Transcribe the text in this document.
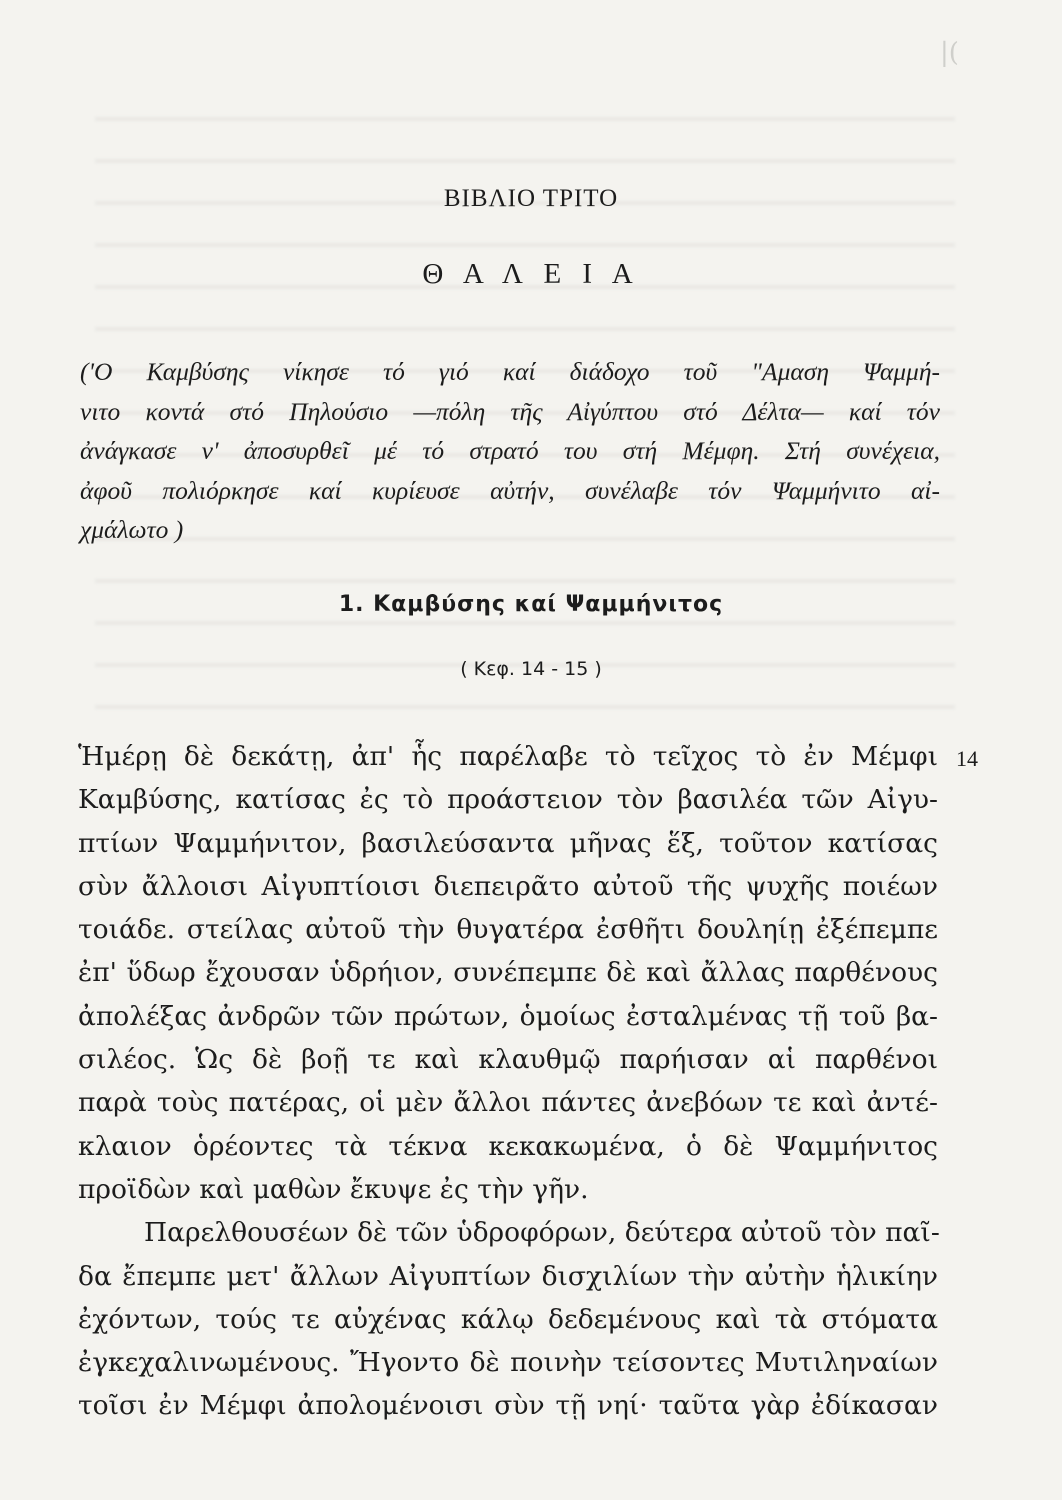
|(
ΒΙΒΛΙΟ ΤΡΙΤΟ
Θ Α Λ Ε Ι Α
('Ο Καμβύσης νίκησε τό γιό καί διάδοχο τοῦ "Αμαση Ψαμμή-
νιτο κοντά στό Πηλούσιο —πόλη τῆς Αἰγύπτου στό Δέλτα— καί τόν
ἀνάγκασε ν' ἀποσυρθεῖ μέ τό στρατό του στή Μέμφη. Στή συνέχεια,
ἀφοῦ πολιόρκησε καί κυρίευσε αὐτήν, συνέλαβε τόν Ψαμμήνιτο αἰ-
χμάλωτο )
1. Καμβύσης καί Ψαμμήνιτος
( Κεφ. 14 - 15 )
14
Ἡμέρῃ δὲ δεκάτῃ, ἀπ' ἧς παρέλαβε τὸ τεῖχος τὸ ἐν Μέμφι
Καμβύσης, κατίσας ἐς τὸ προάστειον τὸν βασιλέα τῶν Αἰγυ-
πτίων Ψαμμήνιτον, βασιλεύσαντα μῆνας ἕξ, τοῦτον κατίσας
σὺν ἄλλοισι Αἰγυπτίοισι διεπειρᾶτο αὐτοῦ τῆς ψυχῆς ποιέων
τοιάδε. στείλας αὐτοῦ τὴν θυγατέρα ἐσθῆτι δουληίῃ ἐξέπεμπε
ἐπ' ὕδωρ ἔχουσαν ὑδρήιον, συνέπεμπε δὲ καὶ ἄλλας παρθένους
ἀπολέξας ἀνδρῶν τῶν πρώτων, ὁμοίως ἐσταλμένας τῇ τοῦ βα-
σιλέος. Ὡς δὲ βοῇ τε καὶ κλαυθμῷ παρήισαν αἱ παρθένοι
παρὰ τοὺς πατέρας, οἱ μὲν ἄλλοι πάντες ἀνεβόων τε καὶ ἀντέ-
κλαιον ὁρέοντες τὰ τέκνα κεκακωμένα, ὁ δὲ Ψαμμήνιτος
προϊδὼν καὶ μαθὼν ἔκυψε ἐς τὴν γῆν.
Παρελθουσέων δὲ τῶν ὑδροφόρων, δεύτερα αὐτοῦ τὸν παῖ-
δα ἔπεμπε μετ' ἄλλων Αἰγυπτίων δισχιλίων τὴν αὐτὴν ἡλικίην
ἐχόντων, τούς τε αὐχένας κάλῳ δεδεμένους καὶ τὰ στόματα
ἐγκεχαλινωμένους. Ἤγοντο δὲ ποινὴν τείσοντες Μυτιληναίων
τοῖσι ἐν Μέμφι ἀπολομένοισι σὺν τῇ νηί· ταῦτα γὰρ ἐδίκασαν
